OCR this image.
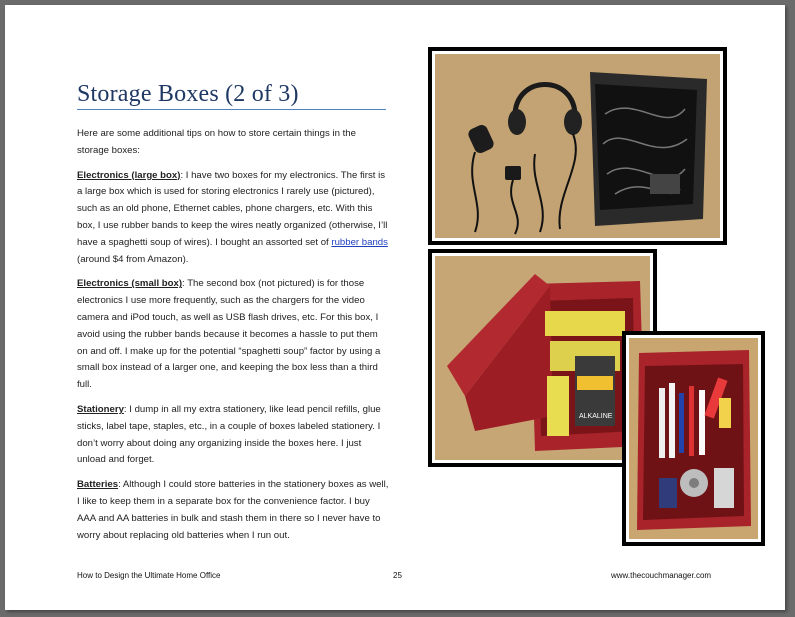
Storage Boxes (2 of 3)

Here are some additional tips on how to store certain things in the storage boxes:

Electronics (large box): I have two boxes for my electronics. The first is a large box which is used for storing electronics I rarely use (pictured), such as an old phone, Ethernet cables, phone chargers, etc. With this box, I use rubber bands to keep the wires neatly organized (otherwise, I’ll have a spaghetti soup of wires). I bought an assorted set of rubber bands (around $4 from Amazon).

Electronics (small box): The second box (not pictured) is for those electronics I use more frequently, such as the chargers for the video camera and iPod touch, as well as USB flash drives, etc. For this box, I avoid using the rubber bands because it becomes a hassle to put them on and off. I make up for the potential “spaghetti soup” factor by using a small box instead of a larger one, and keeping the box less than a third full.

Stationery: I dump in all my extra stationery, like lead pencil refills, glue sticks, label tape, staples, etc., in a couple of boxes labeled stationery. I don’t worry about doing any organizing inside the boxes here. I just unload and forget.

Batteries: Although I could store batteries in the stationery boxes as well, I like to keep them in a separate box for the convenience factor. I buy AAA and AA batteries in bulk and stash them in there so I never have to worry about replacing old batteries when I run out.

ALKALINE
How to Design the Ultimate Home Office	25	www.thecouchmanager.com
